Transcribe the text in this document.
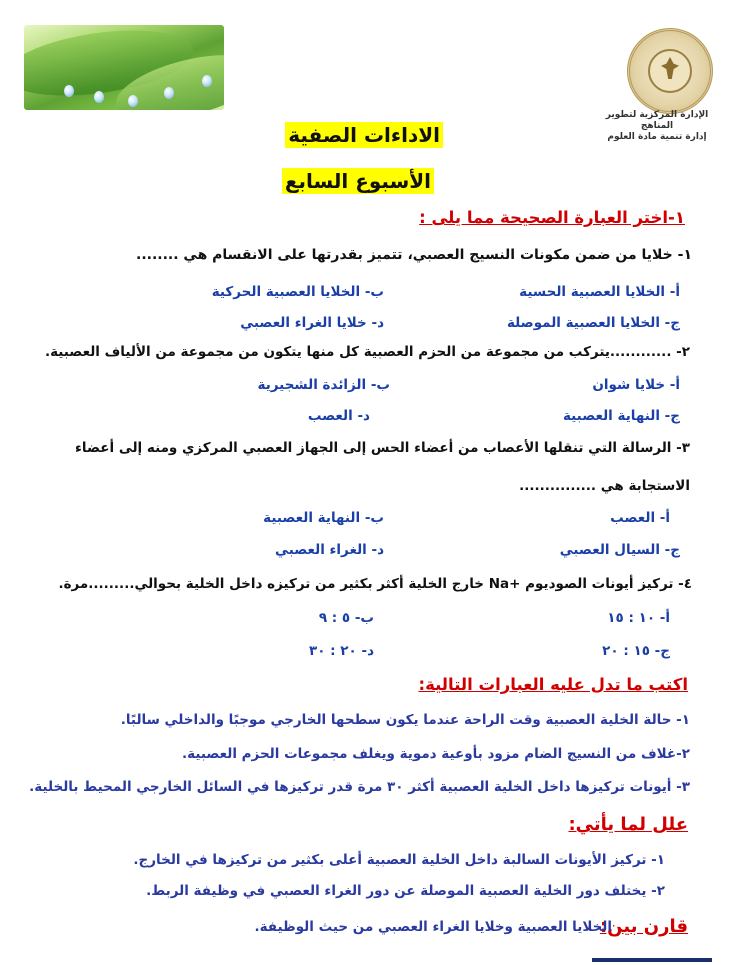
الإدارة المركزية لتطوير المناهج
إدارة تنمية مادة العلوم
الاداءات الصفية
الأسبوع السابع
١-اختر العبارة الصحيحة مما يلى :
١- خلايا من ضمن مكونات النسيج العصبي، تتميز بقدرتها على الانقسام هي ........
أ- الخلايا العصبية الحسية
ب- الخلايا العصبية الحركية
ج- الخلايا العصبية الموصلة
د- خلايا الغراء العصبي
٢- ............يتركب من مجموعة من الحزم العصبية كل منها يتكون من مجموعة من الألياف العصبية.
أ- خلايا شوان
ب- الزائدة الشجيرية
ج- النهاية العصبية
د- العصب
٣- الرسالة التي تنقلها الأعصاب من أعضاء الحس إلى الجهاز العصبي المركزي ومنه إلى أعضاء
الاستجابة هي ...............
أ- العصب
ب- النهاية العصبية
ج- السيال العصبي
د- الغراء العصبي
٤- تركيز أيونات الصوديوم +Na خارج الخلية أكثر بكثير من تركيزه داخل الخلية بحوالي.........مرة.
أ- ١٠ : ١٥
ب- ٥ : ٩
ج- ١٥ : ٢٠
د- ٢٠ : ٣٠
اكتب ما تدل عليه العبارات التالية:
١- حالة الخلية العصبية وقت الراحة عندما يكون سطحها الخارجي موجبًا والداخلي سالبًا.
٢-غلاف من النسيج الضام مزود بأوعية دموية ويغلف مجموعات الحزم العصبية.
٣- أيونات تركيزها داخل الخلية العصبية أكثر ٣٠ مرة قدر تركيزها في السائل الخارجي المحيط بالخلية.
علل لما يأتي:
١- تركيز الأيونات السالبة داخل الخلية العصبية أعلى بكثير من تركيزها في الخارج.
٢- يختلف دور الخلية العصبية الموصلة عن دور الغراء العصبي في وظيفة الربط.
قارن بين:
الخلايا العصبية وخلايا الغراء العصبي من حيث الوظيفة.
